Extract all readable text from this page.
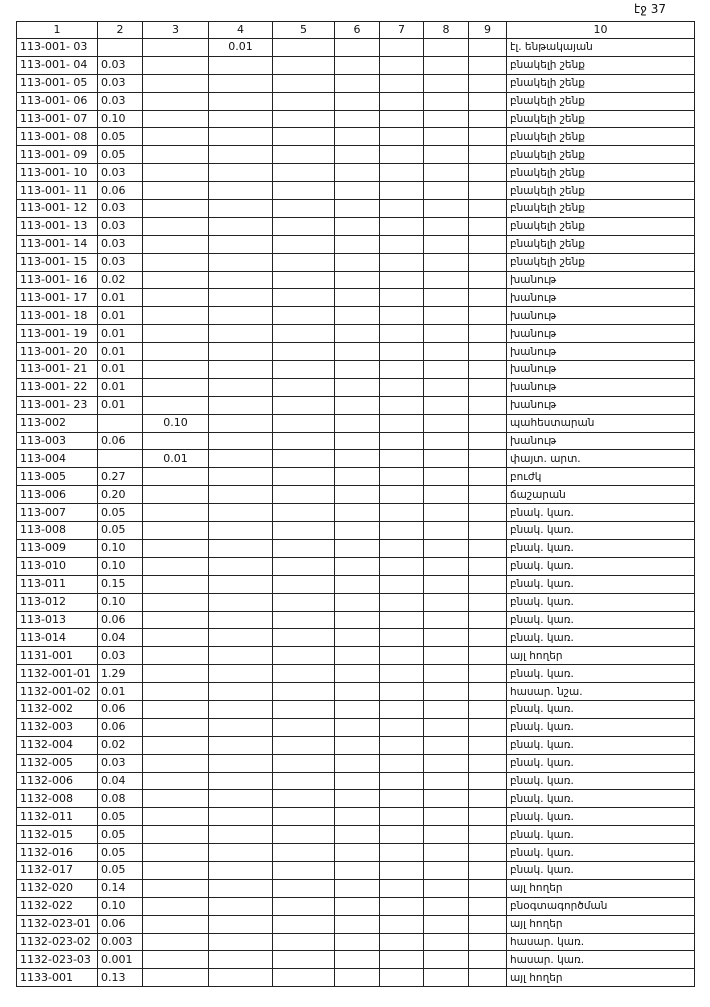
էջ 37
1	2	3	4	5	6	7	8	9	10
113-001- 03			0.01						էլ. ենթակայան
113-001- 04	0.03								բնակելի շենք
113-001- 05	0.03								բնակելի շենք
113-001- 06	0.03								բնակելի շենք
113-001- 07	0.10								բնակելի շենք
113-001- 08	0.05								բնակելի շենք
113-001- 09	0.05								բնակելի շենք
113-001- 10	0.03								բնակելի շենք
113-001- 11	0.06								բնակելի շենք
113-001- 12	0.03								բնակելի շենք
113-001- 13	0.03								բնակելի շենք
113-001- 14	0.03								բնակելի շենք
113-001- 15	0.03								բնակելի շենք
113-001- 16	0.02								խանութ
113-001- 17	0.01								խանութ
113-001- 18	0.01								խանութ
113-001- 19	0.01								խանութ
113-001- 20	0.01								խանութ
113-001- 21	0.01								խանութ
113-001- 22	0.01								խանութ
113-001- 23	0.01								խանութ
113-002		0.10							պահեստարան
113-003	0.06								խանութ
113-004		0.01							փայտ. արտ.
113-005	0.27								բուժկ
113-006	0.20								ճաշարան
113-007	0.05								բնակ. կառ.
113-008	0.05								բնակ. կառ.
113-009	0.10								բնակ. կառ.
113-010	0.10								բնակ. կառ.
113-011	0.15								բնակ. կառ.
113-012	0.10								բնակ. կառ.
113-013	0.06								բնակ. կառ.
113-014	0.04								բնակ. կառ.
1131-001	0.03								այլ հողեր
1132-001-01	1.29								բնակ. կառ.
1132-001-02	0.01								հասար. նշա.
1132-002	0.06								բնակ. կառ.
1132-003	0.06								բնակ. կառ.
1132-004	0.02								բնակ. կառ.
1132-005	0.03								բնակ. կառ.
1132-006	0.04								բնակ. կառ.
1132-008	0.08								բնակ. կառ.
1132-011	0.05								բնակ. կառ.
1132-015	0.05								բնակ. կառ.
1132-016	0.05								բնակ. կառ.
1132-017	0.05								բնակ. կառ.
1132-020	0.14								այլ հողեր
1132-022	0.10								բնօգտագործման
1132-023-01	0.06								այլ հողեր
1132-023-02	0.003								հասար. կառ.
1132-023-03	0.001								հասար. կառ.
1133-001	0.13								այլ հողեր
